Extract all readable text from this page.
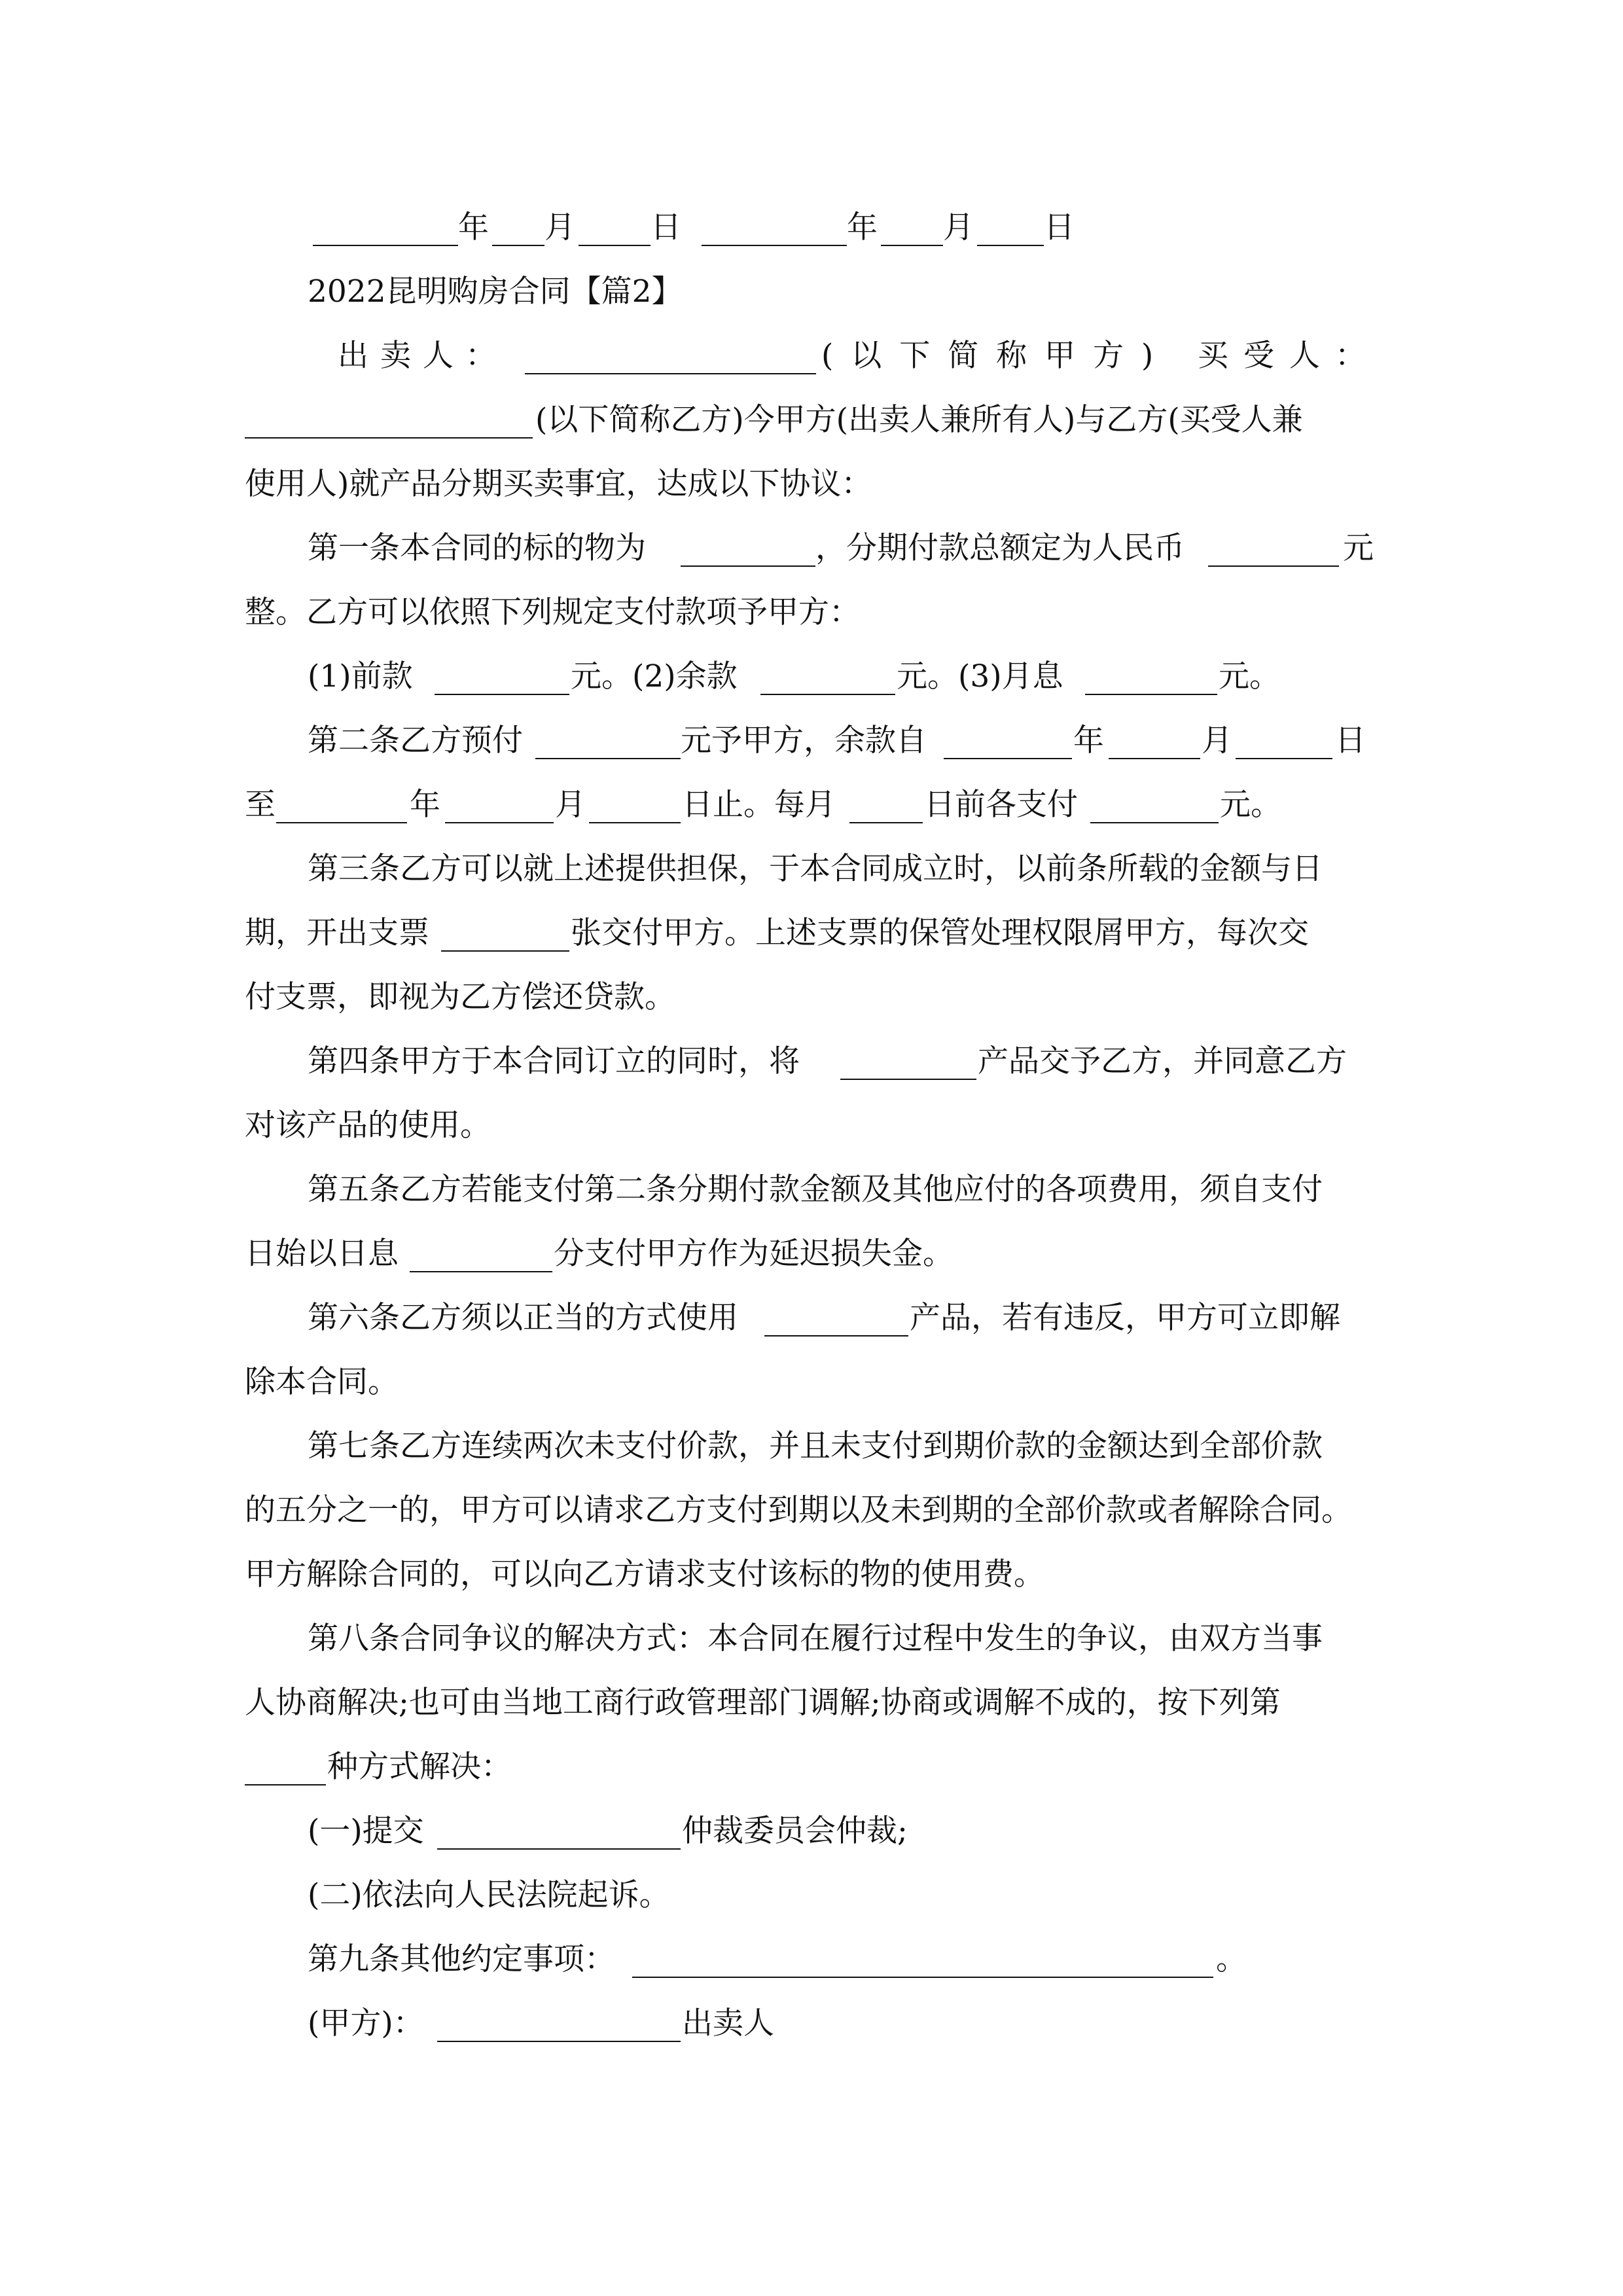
年 月 日	年 月 日
2022昆明购房合同【篇2】
出卖人：	( 以 下 简 称 甲 方 ) 买 受 人 ：
(以下简称乙方)今甲方(出卖人兼所有人)与乙方(买受人兼
使用人)就产品分期买卖事宜，达成以下协议：
第一条本合同的标的物为	，分期付款总额定为人民币	元
整。乙方可以依照下列规定支付款项予甲方：
(1)前款	元。(2)余款	元。(3)月息	元。
第二条乙方预付	元予甲方，余款自	年	月	日
至	年	月	日止。每月	日前各支付	元。
第三条乙方可以就上述提供担保，于本合同成立时，以前条所载的金额与日
期，开出支票	张交付甲方。上述支票的保管处理权限屑甲方，每次交
付支票，即视为乙方偿还贷款。
第四条甲方于本合同订立的同时，将	产品交予乙方，并同意乙方
对该产品的使用。
第五条乙方若能支付第二条分期付款金额及其他应付的各项费用，须自支付
日始以日息	分支付甲方作为延迟损失金。
第六条乙方须以正当的方式使用	产品，若有违反，甲方可立即解
除本合同。
第七条乙方连续两次未支付价款，并且未支付到期价款的金额达到全部价款
的五分之一的，甲方可以请求乙方支付到期以及未到期的全部价款或者解除合同。
甲方解除合同的，可以向乙方请求支付该标的物的使用费。
第八条合同争议的解决方式：本合同在履行过程中发生的争议，由双方当事
人协商解决;也可由当地工商行政管理部门调解;协商或调解不成的，按下列第
种方式解决：
(一)提交	仲裁委员会仲裁;
(二)依法向人民法院起诉。
第九条其他约定事项：	。
(甲方)：	出卖人
